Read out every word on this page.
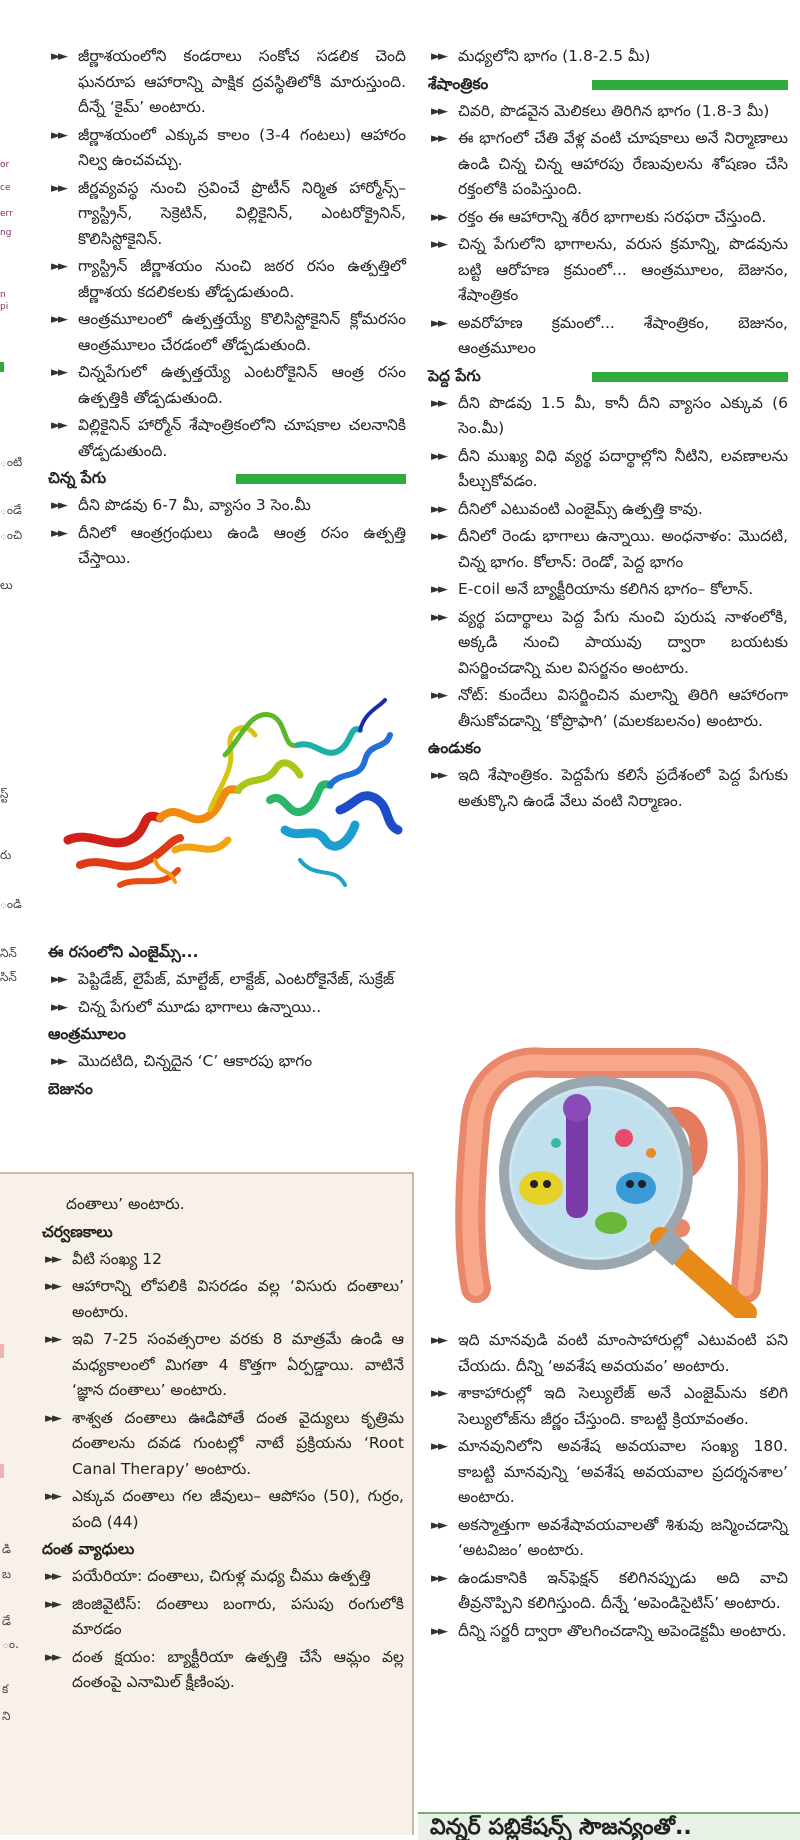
or
ce
err
ng
n
pi
ంటి
ండే
ంచి
లు
స్ట్
రు
ండి
నిన్
సిన్

►► జీర్ణాశయంలోని కండరాలు సంకోచ సడలిక చెంది ఘనరూప ఆహారాన్ని పాక్షిక ద్రవస్థితిలోకి మారుస్తుంది. దీన్నే ‘కైమ్’ అంటారు.

►► జీర్ణాశయంలో ఎక్కువ కాలం (3-4 గంటలు) ఆహారం నిల్వ ఉంచవచ్చు.

►► జీర్ణవ్యవస్థ నుంచి స్రవించే ప్రొటీన్ నిర్మిత హార్మోన్స్– గ్యాస్ట్రిన్, సెక్రెటిన్, విల్లికైనిన్, ఎంటరోక్రైనిన్, కొలిసిస్టోకైనిన్.

►► గ్యాస్ట్రిన్ జీర్ణాశయం నుంచి జఠర రసం ఉత్పత్తిలో జీర్ణాశయ కదలికలకు తోడ్పడుతుంది.

►► ఆంత్రమూలంలో ఉత్పత్తయ్యే కొలిసిస్టోకైనిన్ క్లోమరసం ఆంత్రమూలం చేరడంలో తోడ్పడుతుంది.

►► చిన్నపేగులో ఉత్పత్తయ్యే ఎంటరోకైనిన్ ఆంత్ర రసం ఉత్పత్తికి తోడ్పడుతుంది.

►► విల్లికైనిన్ హార్మోన్ శేషాంత్రికంలోని చూషకాల చలనానికి తోడ్పడుతుంది.

చిన్న పేగు

►► దీని పొడవు 6-7 మీ, వ్యాసం 3 సెం.మీ

►► దీనిలో ఆంత్రగ్రంథులు ఉండి ఆంత్ర రసం ఉత్పత్తి చేస్తాయి.

ఈ రసంలోని ఎంజైమ్స్...

►► పెప్టిడేజ్, లైపేజ్, మాల్టేజ్, లాక్టేజ్, ఎంటరోకైనేజ్, సుక్రేజ్

►► చిన్న పేగులో మూడు భాగాలు ఉన్నాయి..

ఆంత్రమూలం

►► మొదటిది, చిన్నదైన ‘C’ ఆకారపు భాగం

బెజునం
డి
బ
డే
ం.
క
ని

దంతాలు’ అంటారు.

చర్వణకాలు

►► వీటి సంఖ్య 12

►► ఆహారాన్ని లోపలికి విసరడం వల్ల ‘విసురు దంతాలు’ అంటారు.

►► ఇవి 7-25 సంవత్సరాల వరకు 8 మాత్రమే ఉండి ఆ మధ్యకాలంలో మిగతా 4 కొత్తగా ఏర్పడ్డాయి. వాటినే ‘జ్ఞాన దంతాలు’ అంటారు.

►► శాశ్వత దంతాలు ఊడిపోతే దంత వైద్యులు కృత్రిమ దంతాలను దవడ గుంటల్లో నాటే ప్రక్రియను ‘Root Canal Therapy’ అంటారు.

►► ఎక్కువ దంతాలు గల జీవులు– ఆపోసం (50), గుర్రం, పంది (44)

దంత వ్యాధులు

►► పయేరియా: దంతాలు, చిగుళ్ల మధ్య చీము ఉత్పత్తి

►► జింజివైటిస్: దంతాలు బంగారు, పసుపు రంగులోకి మారడం

►► దంత క్షయం: బ్యాక్టీరియా ఉత్పత్తి చేసే ఆమ్లం వల్ల దంతంపై ఎనామిల్ క్షీణింపు.

►► మధ్యలోని భాగం (1.8-2.5 మీ)

శేషాంత్రికం

►► చివరి, పొడవైన మెలికలు తిరిగిన భాగం (1.8-3 మీ)

►► ఈ భాగంలో చేతి వేళ్ల వంటి చూషకాలు అనే నిర్మాణాలు ఉండి చిన్న చిన్న ఆహారపు రేణువులను శోషణం చేసి రక్తంలోకి పంపిస్తుంది.

►► రక్తం ఈ ఆహారాన్ని శరీర భాగాలకు సరఫరా చేస్తుంది.

►► చిన్న పేగులోని భాగాలను, వరుస క్రమాన్ని, పొడవును బట్టి ఆరోహణ క్రమంలో... ఆంత్రమూలం, బెజునం, శేషాంత్రికం

►► అవరోహణ క్రమంలో... శేషాంత్రికం, బెజునం, ఆంత్రమూలం

పెద్ద పేగు

►► దీని పొడవు 1.5 మీ, కానీ దీని వ్యాసం ఎక్కువ (6 సెం.మీ)

►► దీని ముఖ్య విధి వ్యర్థ పదార్థాల్లోని నీటిని, లవణాలను పీల్చుకోవడం.

►► దీనిలో ఎటువంటి ఎంజైమ్స్ ఉత్పత్తి కావు.

►► దీనిలో రెండు భాగాలు ఉన్నాయి. అంధనాళం: మొదటి, చిన్న భాగం. కోలాన్: రెండో, పెద్ద భాగం

►► E-coil అనే బ్యాక్టీరియాను కలిగిన భాగం– కోలాన్.

►► వ్యర్థ పదార్థాలు పెద్ద పేగు నుంచి పురుష నాళంలోకి, అక్కడి నుంచి పాయువు ద్వారా బయటకు విసర్జించడాన్ని మల విసర్జనం అంటారు.

►► నోట్: కుందేలు విసర్జించిన మలాన్ని తిరిగి ఆహారంగా తీసుకోవడాన్ని ‘కోప్రొఫాగి’ (మలకబలనం) అంటారు.

ఉండుకం

►► ఇది శేషాంత్రికం. పెద్దపేగు కలిసే ప్రదేశంలో పెద్ద పేగుకు అతుక్కొని ఉండే వేలు వంటి నిర్మాణం.

►► ఇది మానవుడి వంటి మాంసాహారుల్లో ఎటువంటి పని చేయదు. దీన్ని ‘అవశేష అవయవం’ అంటారు.

►► శాకాహారుల్లో ఇది సెల్యులేజ్ అనే ఎంజైమ్‌ను కలిగి సెల్యులోజ్‌ను జీర్ణం చేస్తుంది. కాబట్టి క్రియావంతం.

►► మానవునిలోని అవశేష అవయవాల సంఖ్య 180. కాబట్టి మానవున్ని ‘అవశేష అవయవాల ప్రదర్శనశాల’ అంటారు.

►► అకస్మాత్తుగా అవశేషావయవాలతో శిశువు జన్మించడాన్ని ‘అటవిజం’ అంటారు.

►► ఉండుకానికి ఇన్‌ఫెక్షన్ కలిగినప్పుడు అది వాచి తీవ్రనొప్పిని కలిగిస్తుంది. దీన్నే ‘అపెండిసైటిస్’ అంటారు.

►► దీన్ని సర్జరీ ద్వారా తొలగించడాన్ని అపెండెక్టమీ అంటారు.

విన్నర్ పబ్లికేషన్స్ సౌజన్యంతో..
